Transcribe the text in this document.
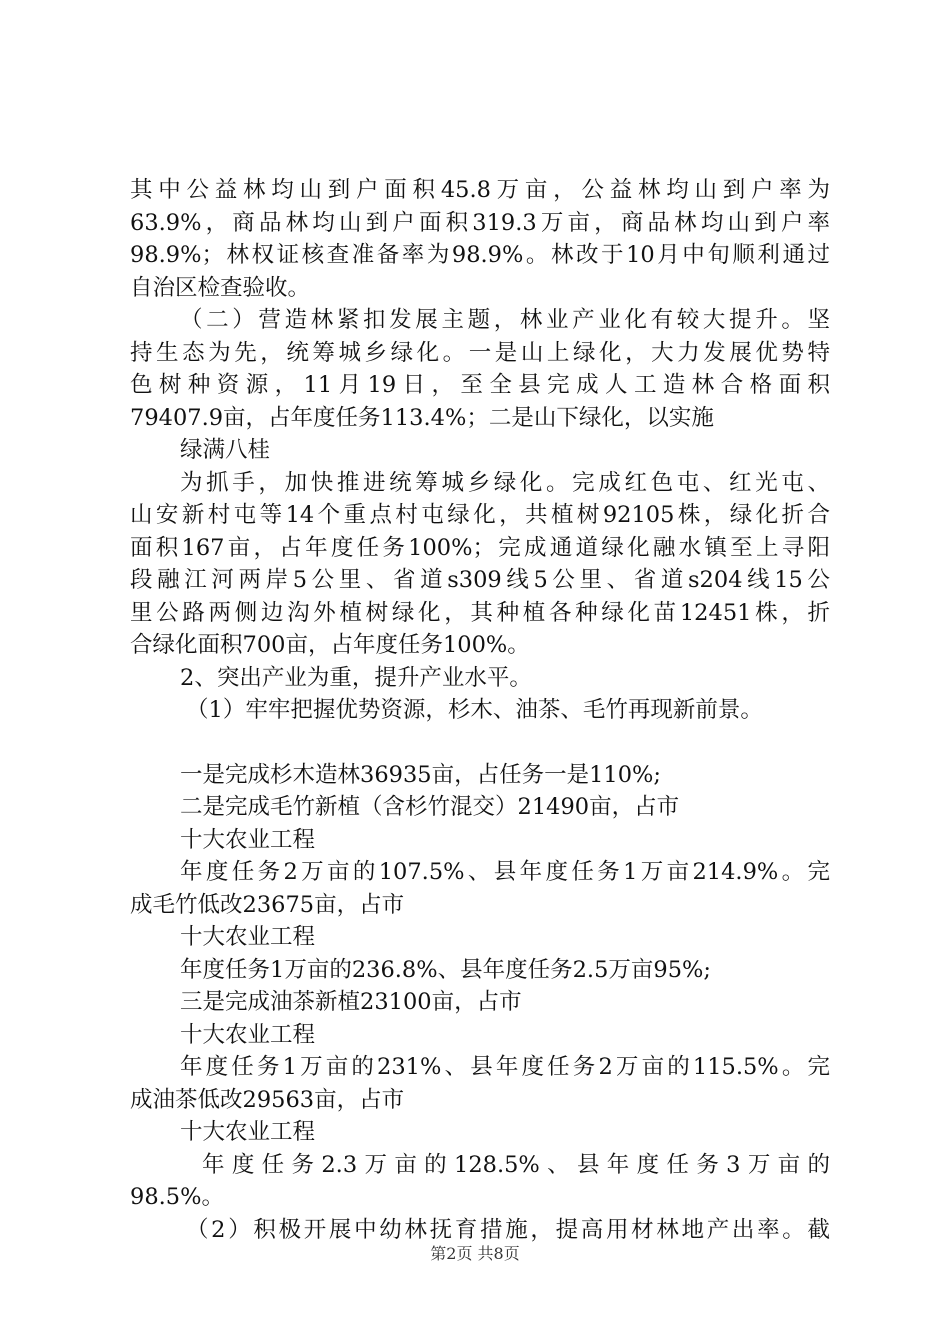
其中公益林均山到户面积45.8万亩，公益林均山到户率为
63.9%，商品林均山到户面积319.3万亩，商品林均山到户率
98.9%；林权证核查准备率为98.9%。林改于10月中旬顺利通过
自治区检查验收。
（二）营造林紧扣发展主题，林业产业化有较大提升。坚
持生态为先，统筹城乡绿化。一是山上绿化，大力发展优势特
色树种资源，11月19日，至全县完成人工造林合格面积
79407.9亩，占年度任务113.4%；二是山下绿化，以实施
绿满八桂
为抓手，加快推进统筹城乡绿化。完成红色屯、红光屯、
山安新村屯等14个重点村屯绿化，共植树92105株，绿化折合
面积167亩，占年度任务100%；完成通道绿化融水镇至上寻阳
段融江河两岸5公里、省道s309线5公里、省道s204线15公
里公路两侧边沟外植树绿化，其种植各种绿化苗12451株，折
合绿化面积700亩，占年度任务100%。
2、突出产业为重，提升产业水平。
（1）牢牢把握优势资源，杉木、油茶、毛竹再现新前景。
一是完成杉木造林36935亩，占任务一是110%;
二是完成毛竹新植（含杉竹混交）21490亩，占市
十大农业工程
年度任务2万亩的107.5%、县年度任务1万亩214.9%。完
成毛竹低改23675亩，占市
十大农业工程
年度任务1万亩的236.8%、县年度任务2.5万亩95%;
三是完成油茶新植23100亩，占市
十大农业工程
年度任务1万亩的231%、县年度任务2万亩的115.5%。完
成油茶低改29563亩，占市
十大农业工程
年度任务2.3万亩的128.5%、县年度任务3万亩的
98.5%。
（2）积极开展中幼林抚育措施，提高用材林地产出率。截
第2页 共8页
